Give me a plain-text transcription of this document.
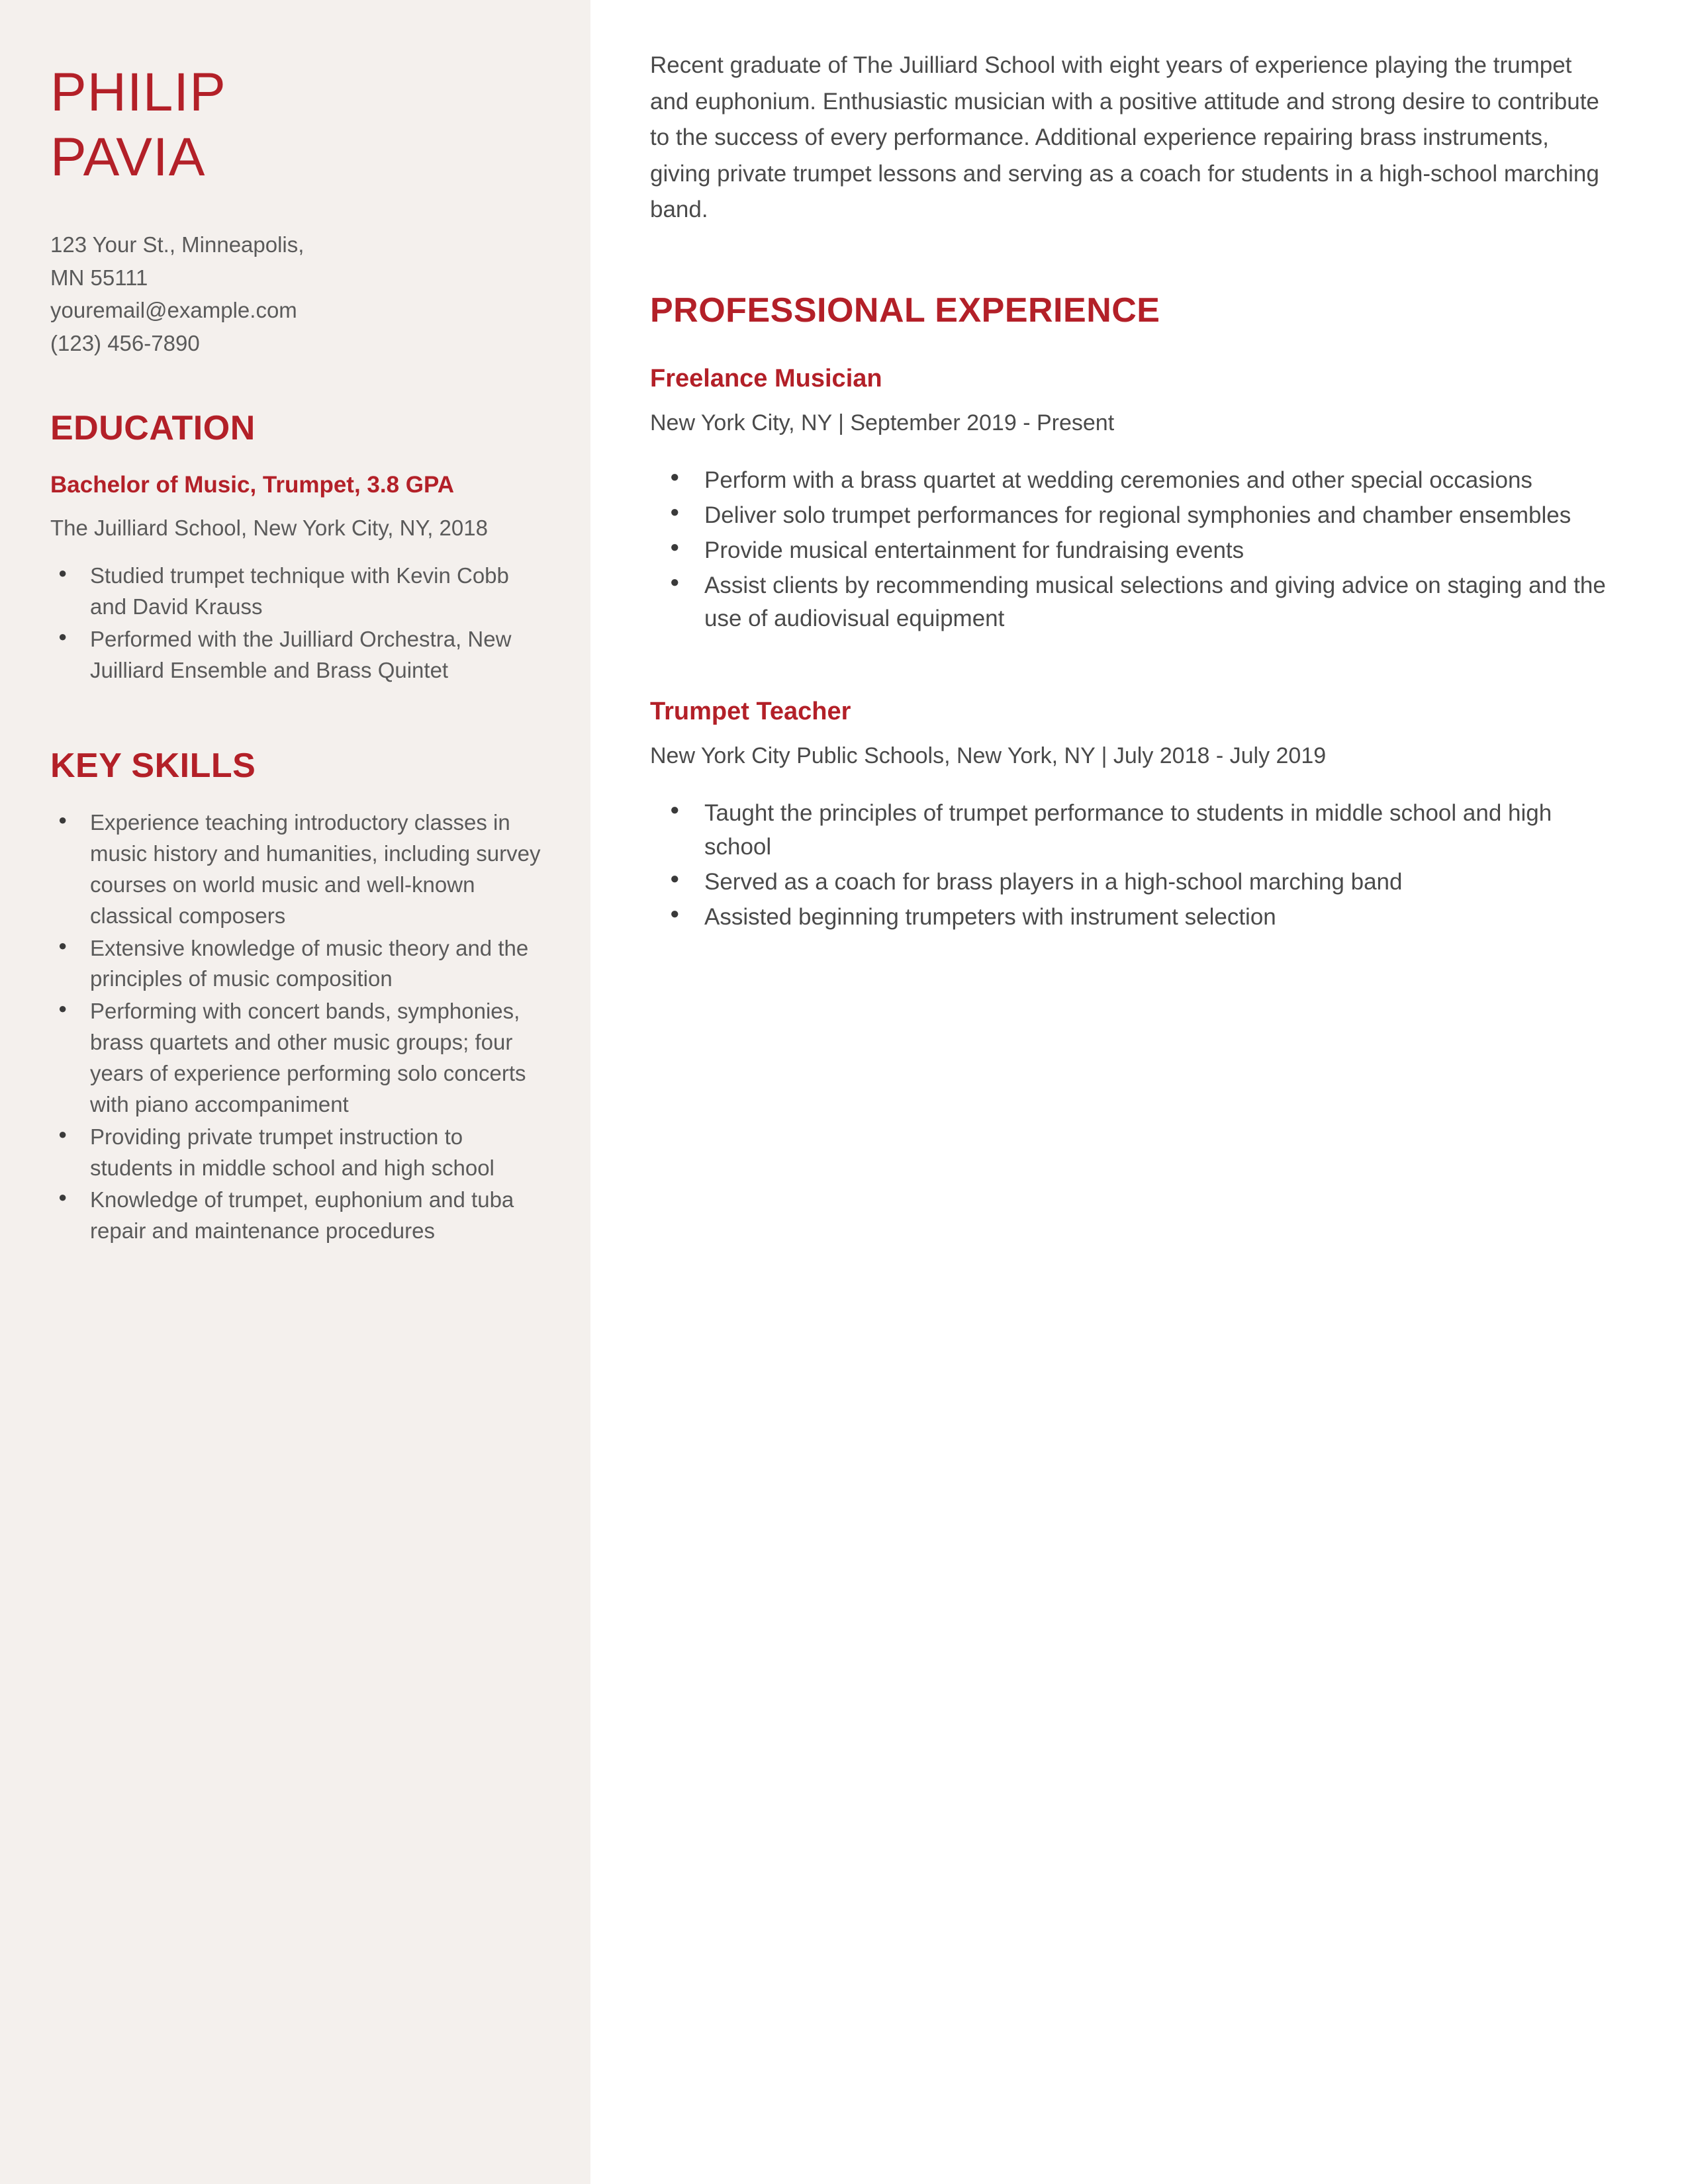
PHILIP
PAVIA
123 Your St., Minneapolis,
MN 55111
youremail@example.com
(123) 456-7890
EDUCATION
Bachelor of Music, Trumpet, 3.8 GPA
The Juilliard School, New York City, NY, 2018
● Studied trumpet technique with Kevin Cobb and David Krauss
● Performed with the Juilliard Orchestra, New Juilliard Ensemble and Brass Quintet
KEY SKILLS
● Experience teaching introductory classes in music history and humanities, including survey courses on world music and well-known classical composers
● Extensive knowledge of music theory and the principles of music composition
● Performing with concert bands, symphonies, brass quartets and other music groups; four years of experience performing solo concerts with piano accompaniment
● Providing private trumpet instruction to students in middle school and high school
● Knowledge of trumpet, euphonium and tuba repair and maintenance procedures

Recent graduate of The Juilliard School with eight years of experience playing the trumpet and euphonium. Enthusiastic musician with a positive attitude and strong desire to contribute to the success of every performance. Additional experience repairing brass instruments, giving private trumpet lessons and serving as a coach for students in a high-school marching band.

PROFESSIONAL EXPERIENCE
Freelance Musician
New York City, NY | September 2019 - Present
● Perform with a brass quartet at wedding ceremonies and other special occasions
● Deliver solo trumpet performances for regional symphonies and chamber ensembles
● Provide musical entertainment for fundraising events
● Assist clients by recommending musical selections and giving advice on staging and the use of audiovisual equipment
Trumpet Teacher
New York City Public Schools, New York, NY | July 2018 - July 2019
● Taught the principles of trumpet performance to students in middle school and high school
● Served as a coach for brass players in a high-school marching band
● Assisted beginning trumpeters with instrument selection
